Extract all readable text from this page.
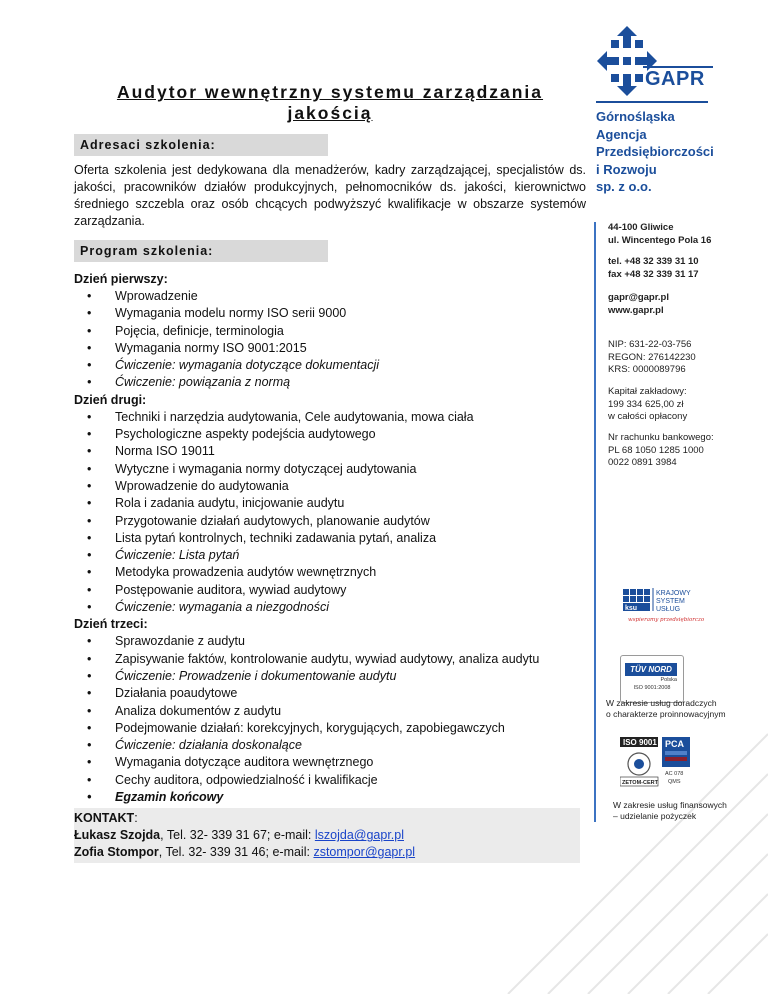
Audytor wewnętrzny systemu zarządzania jakością
Adresaci szkolenia:

Oferta szkolenia jest dedykowana dla menadżerów, kadry zarządzającej, specjalistów ds. jakości, pracowników działów produkcyjnych, pełnomocników ds. jakości, kierownictwo średniego szczebla oraz osób chcących podwyższyć kwalifikacje w obszarze systemów zarządzania.

Program szkolenia:
Dzień pierwszy:
• Wprowadzenie
• Wymagania modelu normy ISO serii 9000
• Pojęcia, definicje, terminologia
• Wymagania normy ISO 9001:2015
• Ćwiczenie: wymagania dotyczące dokumentacji
• Ćwiczenie: powiązania z normą
Dzień drugi:
• Techniki i narzędzia audytowania, Cele audytowania, mowa ciała
• Psychologiczne aspekty podejścia audytowego
• Norma ISO 19011
• Wytyczne i wymagania normy dotyczącej audytowania
• Wprowadzenie do audytowania
• Rola i zadania audytu, inicjowanie audytu
• Przygotowanie działań audytowych, planowanie audytów
• Lista pytań kontrolnych, techniki zadawania pytań, analiza
• Ćwiczenie: Lista pytań
• Metodyka prowadzenia audytów wewnętrznych
• Postępowanie auditora, wywiad audytowy
• Ćwiczenie: wymagania a niezgodności
Dzień trzeci:
• Sprawozdanie z audytu
• Zapisywanie faktów, kontrolowanie audytu, wywiad audytowy, analiza audytu
• Ćwiczenie: Prowadzenie i dokumentowanie audytu
• Działania poaudytowe
• Analiza dokumentów z audytu
• Podejmowanie działań: korekcyjnych, korygujących, zapobiegawczych
• Ćwiczenie: działania doskonalące
• Wymagania dotyczące auditora wewnętrznego
• Cechy auditora, odpowiedzialność i kwalifikacje
• Egzamin końcowy
KONTAKT:
Łukasz Szojda, Tel. 32- 339 31 67; e-mail: lszojda@gapr.pl
Zofia Stompor, Tel. 32- 339 31 46; e-mail: zstompor@gapr.pl
GAPR
Górnośląska
Agencja
Przedsiębiorczości
i Rozwoju
sp. z o.o.
44-100 Gliwice
ul. Wincentego Pola 16
tel. +48 32 339 31 10
fax +48 32 339 31 17
gapr@gapr.pl
www.gapr.pl
NIP: 631-22-03-756
REGON: 276142230
KRS: 0000089796
Kapitał zakładowy:
199 334 625,00 zł
w całości opłacony
Nr rachunku bankowego:
PL 68 1050 1285 1000
0022 0891 3984
ksu
KRAJOWY
SYSTEM
USŁUG
wspieramy przedsiębiorczość
TÜV NORD
Polska
ISO 9001:2008
W zakresie usług doradczych
o charakterze proinnowacyjnym
ISO 9001
ZETOM-CERT
PCA
AC 078
QMS
W zakresie usług finansowych
– udzielanie pożyczek
